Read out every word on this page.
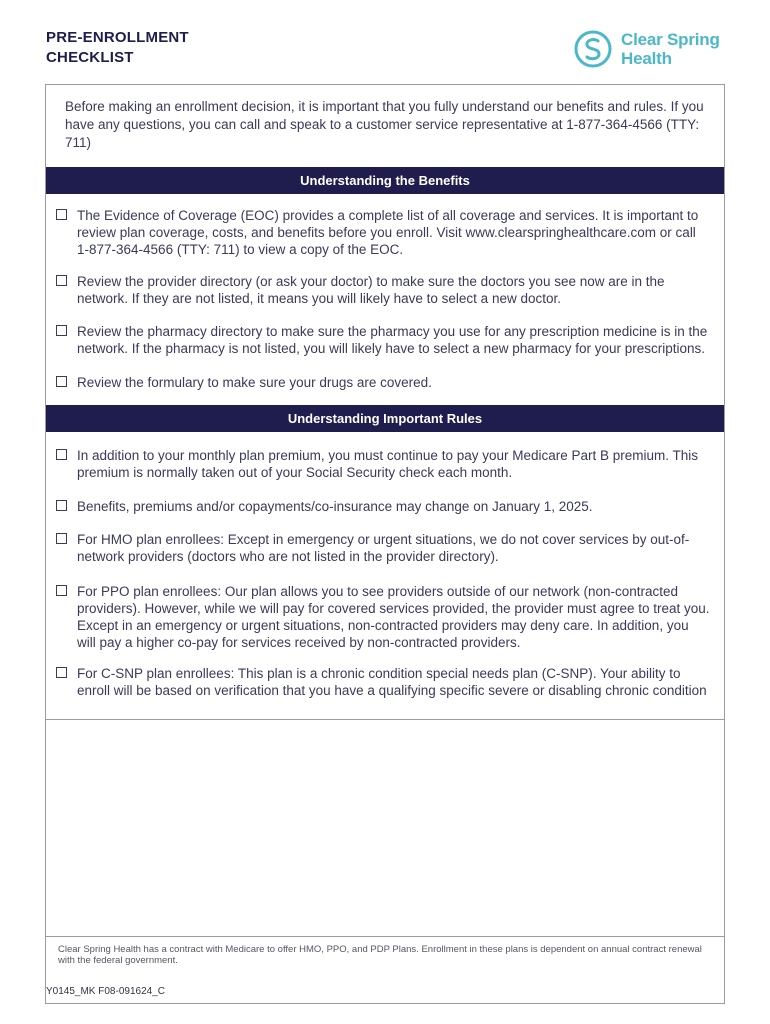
PRE-ENROLLMENT
CHECKLIST
Clear Spring
Health
Before making an enrollment decision, it is important that you fully understand our benefits and rules. If you have any questions, you can call and speak to a customer service representative at 1-877-364-4566 (TTY: 711)
Understanding the Benefits
The Evidence of Coverage (EOC) provides a complete list of all coverage and services. It is important to review plan coverage, costs, and benefits before you enroll. Visit www.clearspringhealthcare.com or call 1-877-364-4566 (TTY: 711) to view a copy of the EOC.
Review the provider directory (or ask your doctor) to make sure the doctors you see now are in the network. If they are not listed, it means you will likely have to select a new doctor.
Review the pharmacy directory to make sure the pharmacy you use for any prescription medicine is in the network. If the pharmacy is not listed, you will likely have to select a new pharmacy for your prescriptions.
Review the formulary to make sure your drugs are covered.
Understanding Important Rules
In addition to your monthly plan premium, you must continue to pay your Medicare Part B premium. This premium is normally taken out of your Social Security check each month.
Benefits, premiums and/or copayments/co-insurance may change on January 1, 2025.
For HMO plan enrollees: Except in emergency or urgent situations, we do not cover services by out-of-network providers (doctors who are not listed in the provider directory).
For PPO plan enrollees: Our plan allows you to see providers outside of our network (non-contracted providers). However, while we will pay for covered services provided, the provider must agree to treat you. Except in an emergency or urgent situations, non-contracted providers may deny care. In addition, you will pay a higher co-pay for services received by non-contracted providers.
For C-SNP plan enrollees: This plan is a chronic condition special needs plan (C-SNP). Your ability to enroll will be based on verification that you have a qualifying specific severe or disabling chronic condition
Clear Spring Health has a contract with Medicare to offer HMO, PPO, and PDP Plans. Enrollment in these plans is dependent on annual contract renewal with the federal government.
Y0145_MK F08-091624_C
